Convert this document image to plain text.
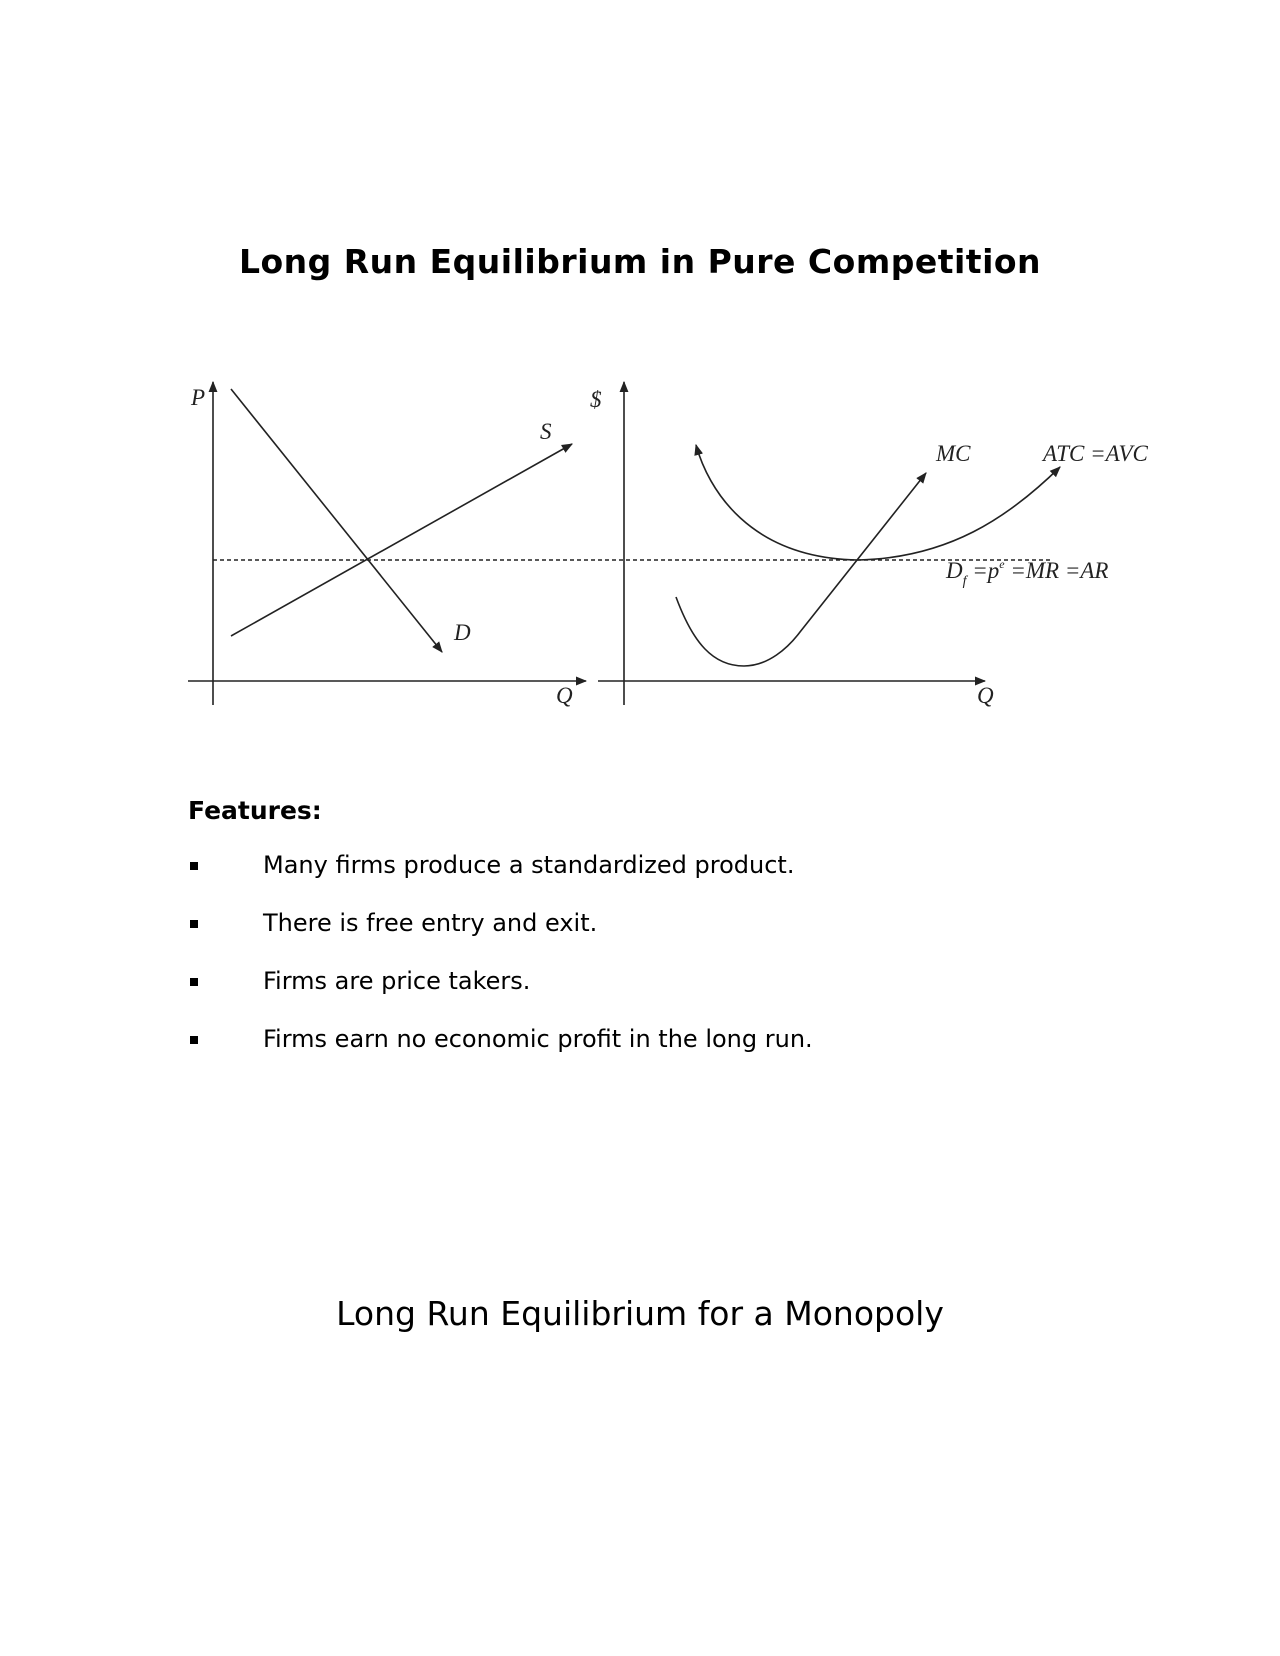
Long Run Equilibrium in Pure Competition
P
Q
S
D
$
Q
MC	ATC =AVC
$D_f =p^e =MR =AR$
Features:
Many firms produce a standardized product.
There is free entry and exit.
Firms are price takers.
Firms earn no economic profit in the long run.
Long Run Equilibrium for a Monopoly
